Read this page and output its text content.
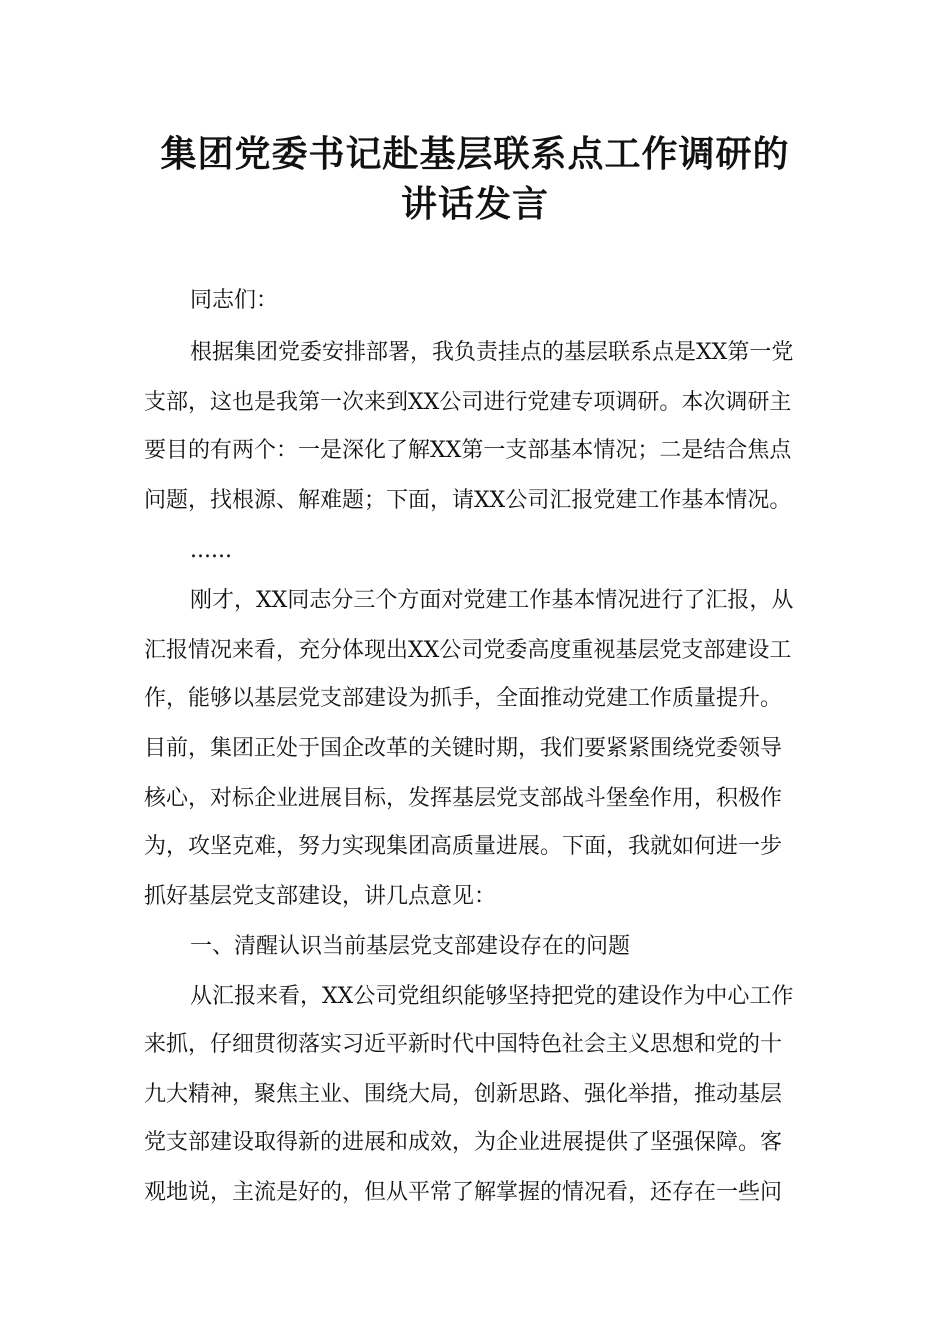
集团党委书记赴基层联系点工作调研的
讲话发言
同志们：
根据集团党委安排部署，我负责挂点的基层联系点是XX第一党
支部，这也是我第一次来到XX公司进行党建专项调研。本次调研主
要目的有两个：一是深化了解XX第一支部基本情况；二是结合焦点
问题，找根源、解难题；下面，请XX公司汇报党建工作基本情况。
......
刚才，XX同志分三个方面对党建工作基本情况进行了汇报，从
汇报情况来看，充分体现出XX公司党委高度重视基层党支部建设工
作，能够以基层党支部建设为抓手，全面推动党建工作质量提升。
目前，集团正处于国企改革的关键时期，我们要紧紧围绕党委领导
核心，对标企业进展目标，发挥基层党支部战斗堡垒作用，积极作
为，攻坚克难，努力实现集团高质量进展。下面，我就如何进一步
抓好基层党支部建设，讲几点意见：
一、清醒认识当前基层党支部建设存在的问题
从汇报来看，XX公司党组织能够坚持把党的建设作为中心工作
来抓，仔细贯彻落实习近平新时代中国特色社会主义思想和党的十
九大精神，聚焦主业、围绕大局，创新思路、强化举措，推动基层
党支部建设取得新的进展和成效，为企业进展提供了坚强保障。客
观地说，主流是好的，但从平常了解掌握的情况看，还存在一些问
